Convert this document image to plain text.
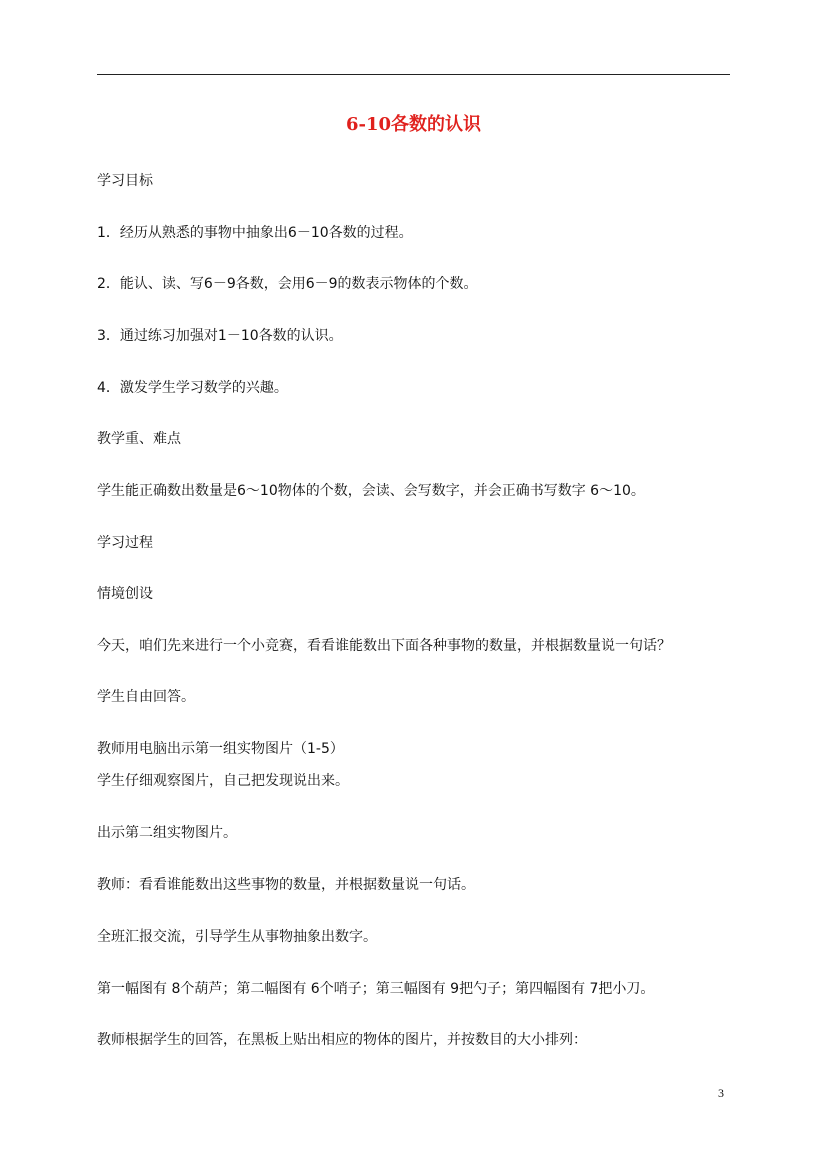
6-10各数的认识
学习目标
1．经历从熟悉的事物中抽象出6－10各数的过程。
2．能认、读、写6－9各数，会用6－9的数表示物体的个数。
3．通过练习加强对1－10各数的认识。
4．激发学生学习数学的兴趣。
教学重、难点
学生能正确数出数量是6～10物体的个数，会读、会写数字，并会正确书写数字 6～10。
学习过程
情境创设
今天，咱们先来进行一个小竞赛，看看谁能数出下面各种事物的数量，并根据数量说一句话？
学生自由回答。
教师用电脑出示第一组实物图片（1-5）
学生仔细观察图片，自己把发现说出来。
出示第二组实物图片。
教师：看看谁能数出这些事物的数量，并根据数量说一句话。
全班汇报交流，引导学生从事物抽象出数字。
第一幅图有 8个葫芦；第二幅图有 6个哨子；第三幅图有 9把勺子；第四幅图有 7把小刀。
教师根据学生的回答，在黑板上贴出相应的物体的图片，并按数目的大小排列：
3
